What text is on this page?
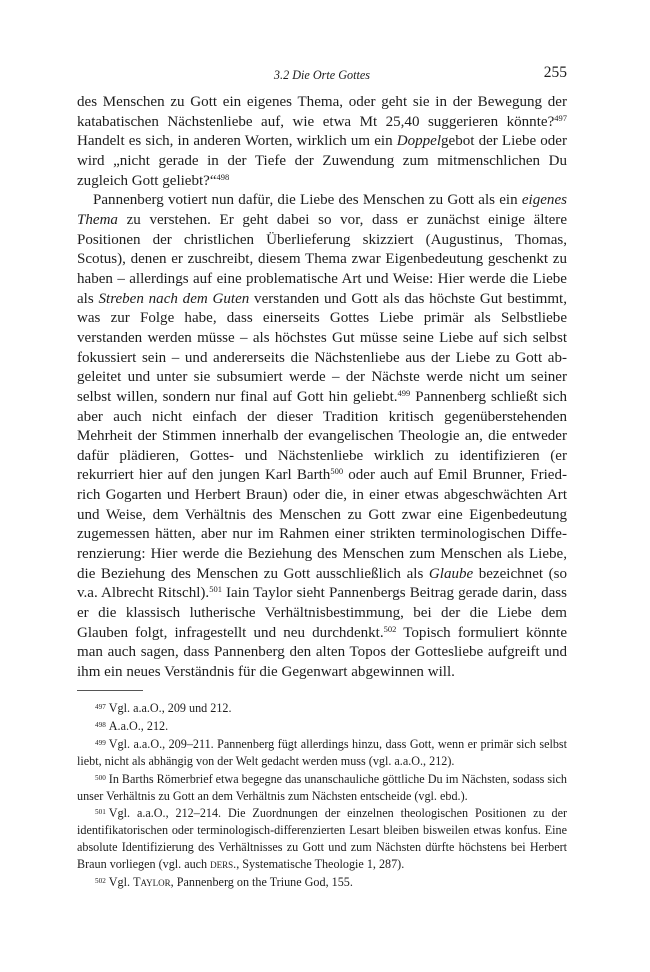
3.2 Die Orte Gottes	255

des Menschen zu Gott ein eigenes Thema, oder geht sie in der Bewegung der katabatischen Nächstenliebe auf, wie etwa Mt 25,40 suggerieren könnte?$^{497}$ Handelt es sich, in anderen Worten, wirklich um ein Doppelgebot der Liebe oder wird „nicht gerade in der Tiefe der Zuwendung zum mitmenschlichen Du zugleich Gott geliebt?“$^{498}$

Pannenberg votiert nun dafür, die Liebe des Menschen zu Gott als ein eigenes Thema zu verstehen. Er geht dabei so vor, dass er zunächst einige ältere Positionen der christlichen Überlieferung skizziert (Augustinus, Thomas, Scotus), denen er zuschreibt, diesem Thema zwar Eigenbedeutung geschenkt zu haben – allerdings auf eine problematische Art und Weise: Hier werde die Liebe als Streben nach dem Guten verstanden und Gott als das höchste Gut bestimmt, was zur Folge habe, dass einerseits Gottes Liebe primär als Selbstliebe verstanden werden müsse – als höchstes Gut müsse seine Liebe auf sich selbst fokussiert sein – und andererseits die Nächstenliebe aus der Liebe zu Gott abgeleitet und unter sie subsumiert werde – der Nächste werde nicht um seiner selbst willen, sondern nur final auf Gott hin geliebt.$^{499}$ Pannenberg schließt sich aber auch nicht einfach der dieser Tradition kritisch gegenüberstehenden Mehrheit der Stimmen innerhalb der evangelischen Theologie an, die entweder dafür plädieren, Gottes- und Nächstenliebe wirklich zu identifizieren (er rekurriert hier auf den jungen Karl Barth$^{500}$ oder auch auf Emil Brunner, Friedrich Gogarten und Herbert Braun) oder die, in einer etwas abgeschwächten Art und Weise, dem Verhältnis des Menschen zu Gott zwar eine Eigenbedeutung zugemessen hätten, aber nur im Rahmen einer strikten terminologischen Differenzierung: Hier werde die Beziehung des Menschen zum Menschen als Liebe, die Beziehung des Menschen zu Gott ausschließlich als Glaube bezeichnet (so v.a. Albrecht Ritschl).$^{501}$ Iain Taylor sieht Pannenbergs Beitrag gerade darin, dass er die klassisch lutherische Verhältnisbestimmung, bei der die Liebe dem Glauben folgt, infragestellt und neu durchdenkt.$^{502}$ Topisch formuliert könnte man auch sagen, dass Pannenberg den alten Topos der Gottesliebe aufgreift und ihm ein neues Verständnis für die Gegenwart abgewinnen will.

$^{497}$ Vgl. a.a.O., 209 und 212.

$^{498}$ A.a.O., 212.

$^{499}$ Vgl. a.a.O., 209–211. Pannenberg fügt allerdings hinzu, dass Gott, wenn er primär sich selbst liebt, nicht als abhängig von der Welt gedacht werden muss (vgl. a.a.O., 212).

$^{500}$ In Barths Römerbrief etwa begegne das unanschauliche göttliche Du im Nächsten, sodass sich unser Verhältnis zu Gott an dem Verhältnis zum Nächsten entscheide (vgl. ebd.).

$^{501}$ Vgl. a.a.O., 212–214. Die Zuordnungen der einzelnen theologischen Positionen zu der identifikatorischen oder terminologisch-differenzierten Lesart bleiben bisweilen etwas konfus. Eine absolute Identifizierung des Verhältnisses zu Gott und zum Nächsten dürfte höchstens bei Herbert Braun vorliegen (vgl. auch ders., Systematische Theologie 1, 287).

$^{502}$ Vgl. Taylor, Pannenberg on the Triune God, 155.
